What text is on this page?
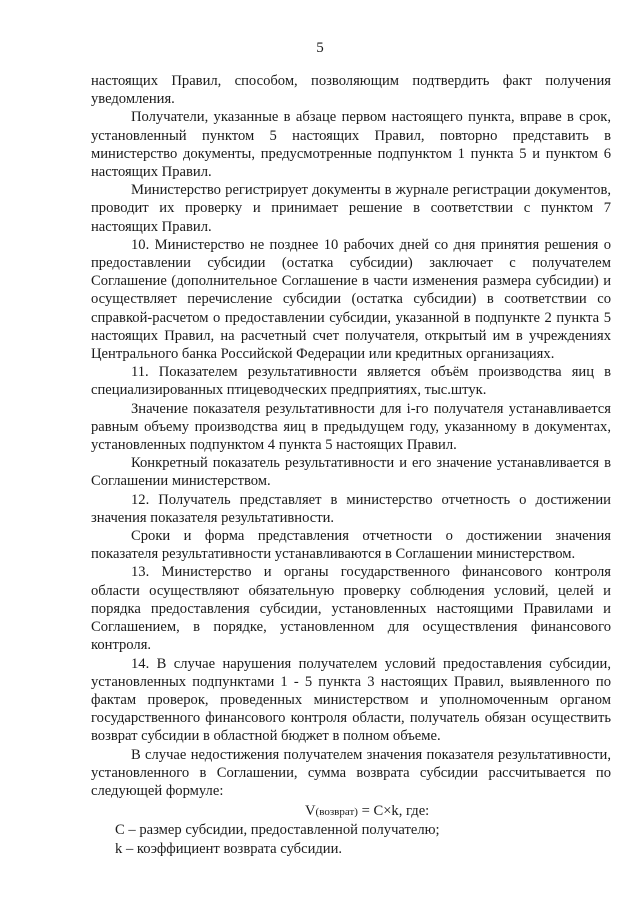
5

настоящих Правил, способом, позволяющим подтвердить факт получения уведомления.

Получатели, указанные в абзаце первом настоящего пункта, вправе в срок, установленный пунктом 5 настоящих Правил, повторно представить в министерство документы, предусмотренные подпунктом 1 пункта 5 и пунктом 6 настоящих Правил.

Министерство регистрирует документы в журнале регистрации документов, проводит их проверку и принимает решение в соответствии с пунктом 7 настоящих Правил.

10. Министерство не позднее 10 рабочих дней со дня принятия решения о предоставлении субсидии (остатка субсидии) заключает с получателем Соглашение (дополнительное Соглашение в части изменения размера субсидии) и осуществляет перечисление субсидии (остатка субсидии) в соответствии со справкой-расчетом о предоставлении субсидии, указанной в подпункте 2 пункта 5 настоящих Правил, на расчетный счет получателя, открытый им в учреждениях Центрального банка Российской Федерации или кредитных организациях.

11. Показателем результативности является объём производства яиц в специализированных птицеводческих предприятиях, тыс.штук.

Значение показателя результативности для i-го получателя устанавливается равным объему производства яиц в предыдущем году, указанному в документах, установленных подпунктом 4 пункта 5 настоящих Правил.

Конкретный показатель результативности и его значение устанавливается в Соглашении министерством.

12. Получатель представляет в министерство отчетность о достижении значения показателя результативности.

Сроки и форма представления отчетности о достижении значения показателя результативности устанавливаются в Соглашении министерством.

13. Министерство и органы государственного финансового контроля области осуществляют обязательную проверку соблюдения условий, целей и порядка предоставления субсидии, установленных настоящими Правилами и Соглашением, в порядке, установленном для осуществления финансового контроля.

14. В случае нарушения получателем условий предоставления субсидии, установленных подпунктами 1 - 5 пункта 3 настоящих Правил, выявленного по фактам проверок, проведенных министерством и уполномоченным органом государственного финансового контроля области, получатель обязан осуществить возврат субсидии в областной бюджет в полном объеме.

В случае недостижения получателем значения показателя результативности, установленного в Соглашении, сумма возврата субсидии рассчитывается по следующей формуле:

V(возврат) = C×k, где:

C – размер субсидии, предоставленной получателю;

k – коэффициент возврата субсидии.
